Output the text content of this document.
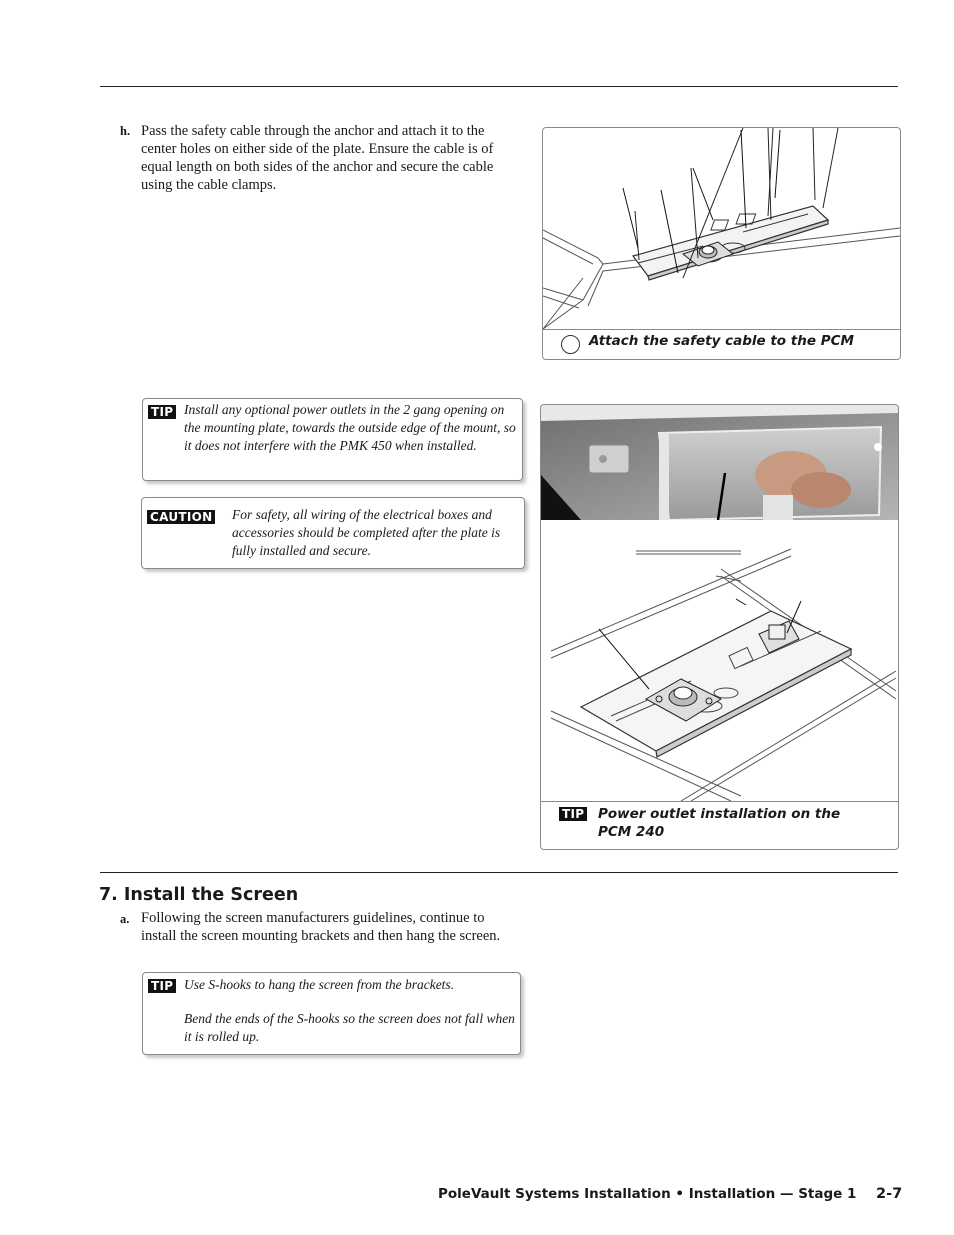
h. Pass the safety cable through the anchor and attach it to the center holes on either side of the plate. Ensure the cable is of equal length on both sides of the anchor and secure the cable using the cable clamps.
Attach the safety cable to the PCM
TIP Install any optional power outlets in the 2 gang opening on the mounting plate, towards the outside edge of the mount, so it does not interfere with the PMK 450 when installed.
CAUTION For safety, all wiring of the electrical boxes and accessories should be completed after the plate is fully installed and secure.
TIP Power outlet installation on the PCM 240
7. Install the Screen
a. Following the screen manufacturers guidelines, continue to install the screen mounting brackets and then hang the screen.
TIP Use S-hooks to hang the screen from the brackets.
Bend the ends of the S-hooks so the screen does not fall when it is rolled up.
PoleVault Systems Installation • Installation — Stage 1 2-7
